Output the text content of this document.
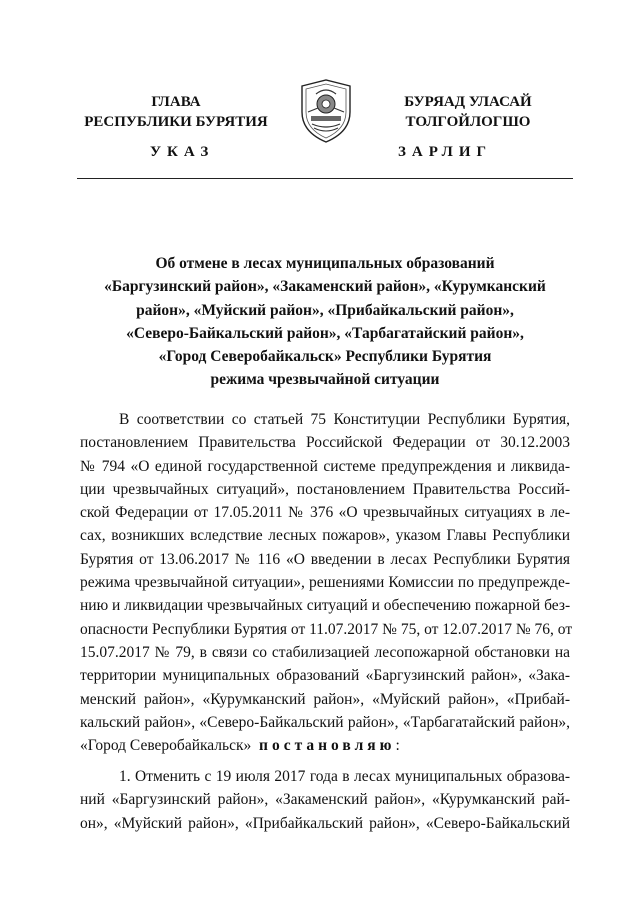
ГЛАВА
РЕСПУБЛИКИ БУРЯТИЯ
БУРЯАД УЛАСАЙ
ТОЛГОЙЛОГШО
УКАЗ	ЗАРЛИГ
Об отмене в лесах муниципальных образований
«Баргузинский район», «Закаменский район», «Курумканский
район», «Муйский район», «Прибайкальский район»,
«Северо-Байкальский район», «Тарбагатайский район»,
«Город Северобайкальск» Республики Бурятия
режима чрезвычайной ситуации
В соответствии со статьей 75 Конституции Республики Бурятия,
постановлением Правительства Российской Федерации от 30.12.2003
№ 794 «О единой государственной системе предупреждения и ликвида-
ции чрезвычайных ситуаций», постановлением Правительства Россий-
ской Федерации от 17.05.2011 № 376 «О чрезвычайных ситуациях в ле-
сах, возникших вследствие лесных пожаров», указом Главы Республики
Бурятия от 13.06.2017 № 116 «О введении в лесах Республики Бурятия
режима чрезвычайной ситуации», решениями Комиссии по предупрежде-
нию и ликвидации чрезвычайных ситуаций и обеспечению пожарной без-
опасности Республики Бурятия от 11.07.2017 № 75, от 12.07.2017 № 76, от
15.07.2017 № 79, в связи со стабилизацией лесопожарной обстановки на
территории муниципальных образований «Баргузинский район», «Зака-
менский район», «Курумканский район», «Муйский район», «Прибай-
кальский район», «Северо-Байкальский район», «Тарбагатайский район»,
«Город Северобайкальск» постановляю:
1. Отменить с 19 июля 2017 года в лесах муниципальных образова-
ний «Баргузинский район», «Закаменский район», «Курумканский рай-
он», «Муйский район», «Прибайкальский район», «Северо-Байкальский
